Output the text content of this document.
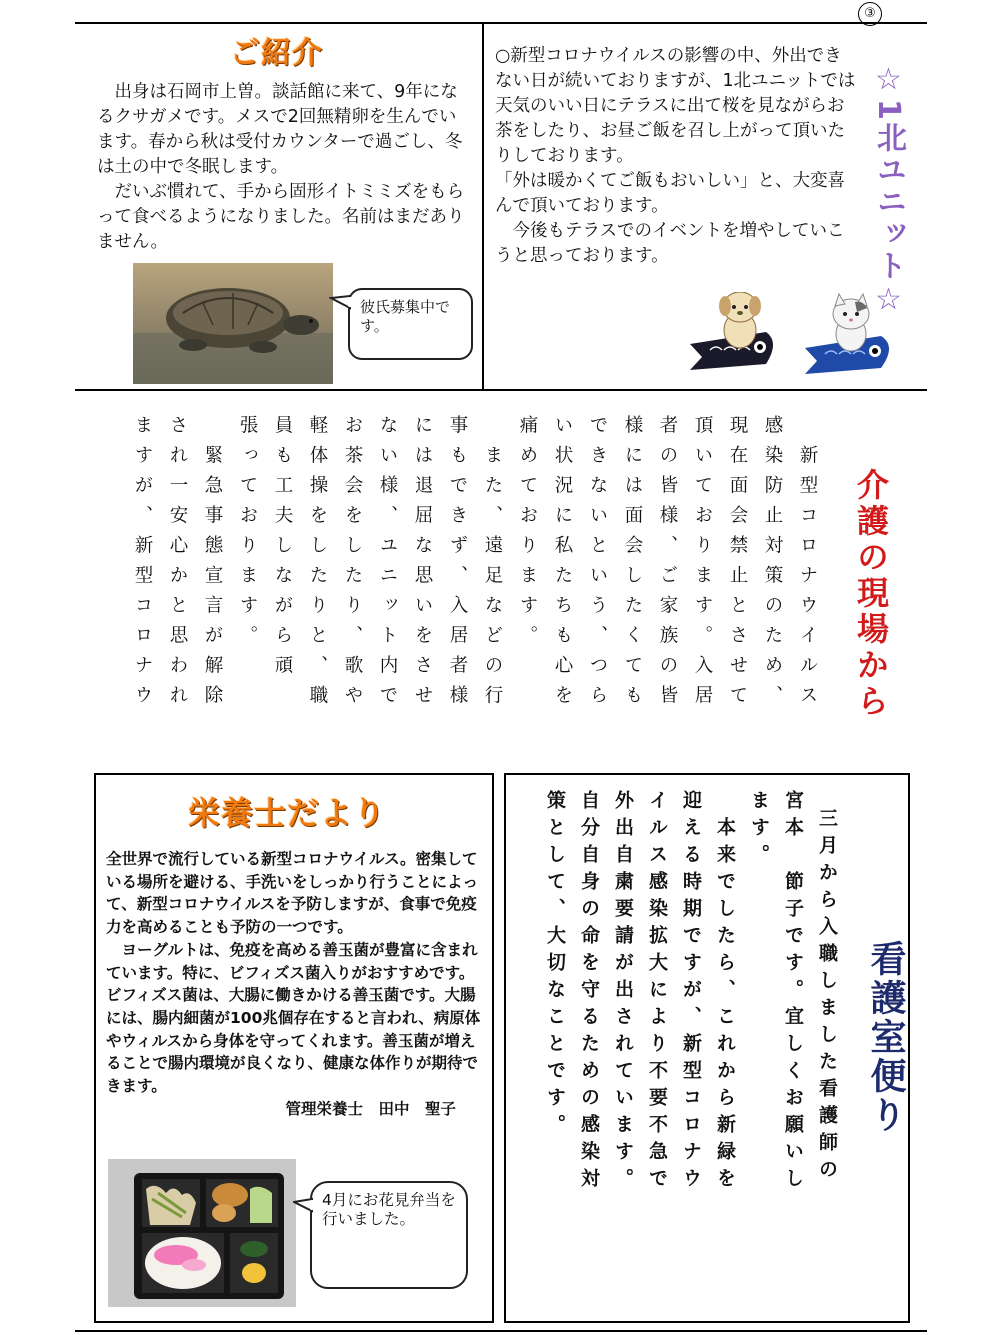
③
ご紹介
出身は石岡市上曽。談話館に来て、9年になるクサガメです。メスで2回無精卵を生んでいます。春から秋は受付カウンターで過ごし、冬は土の中で冬眠します。
だいぶ慣れて、手から固形イトミミズをもらって食べるようになりました。名前はまだありません。
彼氏募集中です。
○新型コロナウイルスの影響の中、外出できない日が続いておりますが、1北ユニットでは天気のいい日にテラスに出て桜を見ながらお茶をしたり、お昼ご飯を召し上がって頂いたりしております。
「外は暖かくてご飯もおいしい」と、大変喜んで頂いております。
今後もテラスでのイベントを増やしていこうと思っております。	☆1北ユニット☆
介護の現場から
　新型コロナウイルス
感染防止対策のため、
現在面会禁止とさせて
頂いております。入居
者の皆様、ご家族の皆
様には面会したくても
できないという、つら
い状況に私たちも心を
痛めております。
　また、遠足などの行
事もできず、入居者様
には退屈な思いをさせ
ない様、ユニット内で
お茶会をしたり、歌や
軽体操をしたりと、職
員も工夫しながら頑
張っております。
　緊急事態宣言が解除
され一安心かと思われ
ますが、新型コロナウ
栄養士だより
全世界で流行している新型コロナウイルス。密集している場所を避ける、手洗いをしっかり行うことによって、新型コロナウイルスを予防しますが、食事で免疫力を高めることも予防の一つです。
ヨーグルトは、免疫を高める善玉菌が豊富に含まれています。特に、ビフィズス菌入りがおすすめです。ビフィズス菌は、大腸に働きかける善玉菌です。大腸には、腸内細菌が100兆個存在すると言われ、病原体やウィルスから身体を守ってくれます。善玉菌が増えることで腸内環境が良くなり、健康な体作りが期待できます。
管理栄養士　田中　聖子
4月にお花見弁当を行いました。
看護室便り
三月から入職しました看護師の
宮本　節子です。宜しくお願いし
ます。
　本来でしたら、これから新緑を
迎える時期ですが、新型コロナウ
イルス感染拡大により不要不急で
外出自粛要請が出されています。
自分自身の命を守るための感染対
策として、大切なことです。
